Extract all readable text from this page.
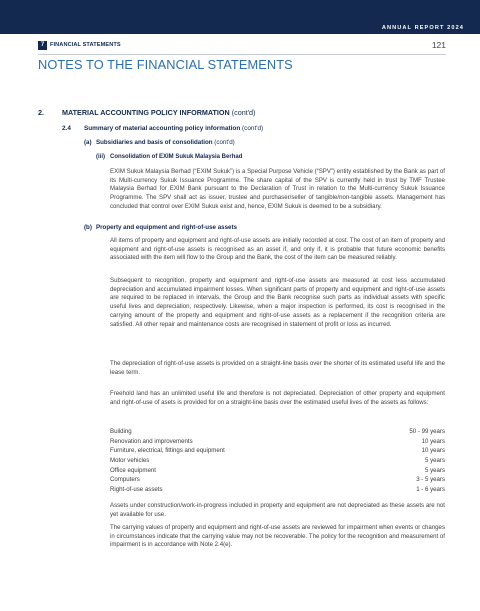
ANNUAL REPORT 2024
7	FINANCIAL STATEMENTS	121
NOTES TO THE FINANCIAL STATEMENTS
2.	MATERIAL ACCOUNTING POLICY INFORMATION (cont'd)
2.4 Summary of material accounting policy information (cont'd)
(a) Subsidiaries and basis of consolidation (cont'd)
(iii) Consolidation of EXIM Sukuk Malaysia Berhad

EXIM Sukuk Malaysia Berhad (“EXIM Sukuk”) is a Special Purpose Vehicle (“SPV”) entity established by the Bank as part of its Multi-currency Sukuk Issuance Programme. The share capital of the SPV is currently held in trust by TMF Trustee Malaysia Berhad for EXIM Bank pursuant to the Declaration of Trust in relation to the Multi-currency Sukuk Issuance Programme. The SPV shall act as issuer, trustee and purchaser/seller of tangible/non-tangible assets. Management has concluded that control over EXIM Sukuk exist and, hence, EXIM Sukuk is deemed to be a subsidiary.

(b) Property and equipment and right-of-use assets

All items of property and equipment and right-of-use assets are initially recorded at cost. The cost of an item of property and equipment and right-of-use assets is recognised as an asset if, and only if, it is probable that future economic benefits associated with the item will flow to the Group and the Bank, the cost of the item can be measured reliably.

Subsequent to recognition, property and equipment and right-of-use assets are measured at cost less accumulated depreciation and accumulated impairment losses. When significant parts of property and equipment and right-of-use assets are required to be replaced in intervals, the Group and the Bank recognise such parts as individual assets with specific useful lives and depreciation, respectively. Likewise, when a major inspection is performed, its cost is recognised in the carrying amount of the property and equipment and right-of-use assets as a replacement if the recognition criteria are satisfied. All other repair and maintenance costs are recognised in statement of profit or loss as incurred.

The depreciation of right-of-use assets is provided on a straight-line basis over the shorter of its estimated useful life and the lease term.

Freehold land has an unlimited useful life and therefore is not depreciated. Depreciation of other property and equipment and right-of-use of asets is provided for on a straight-line basis over the estimated useful lives of the assets as follows:

Building	50 - 99 years
Renovation and improvements	10 years
Furniture, electrical, fittings and equipment	10 years
Motor vehicles	5 years
Office equipment	5 years
Computers	3 - 5 years
Right-of-use assets	1 - 6 years

Assets under construction/work-in-progress included in property and equipment are not depreciated as these assets are not yet available for use.

The carrying values of property and equipment and right-of-use assets are reviewed for impairment when events or changes in circumstances indicate that the carrying value may not be recoverable. The policy for the recognition and measurement of impairment is in accordance with Note 2.4(e).
